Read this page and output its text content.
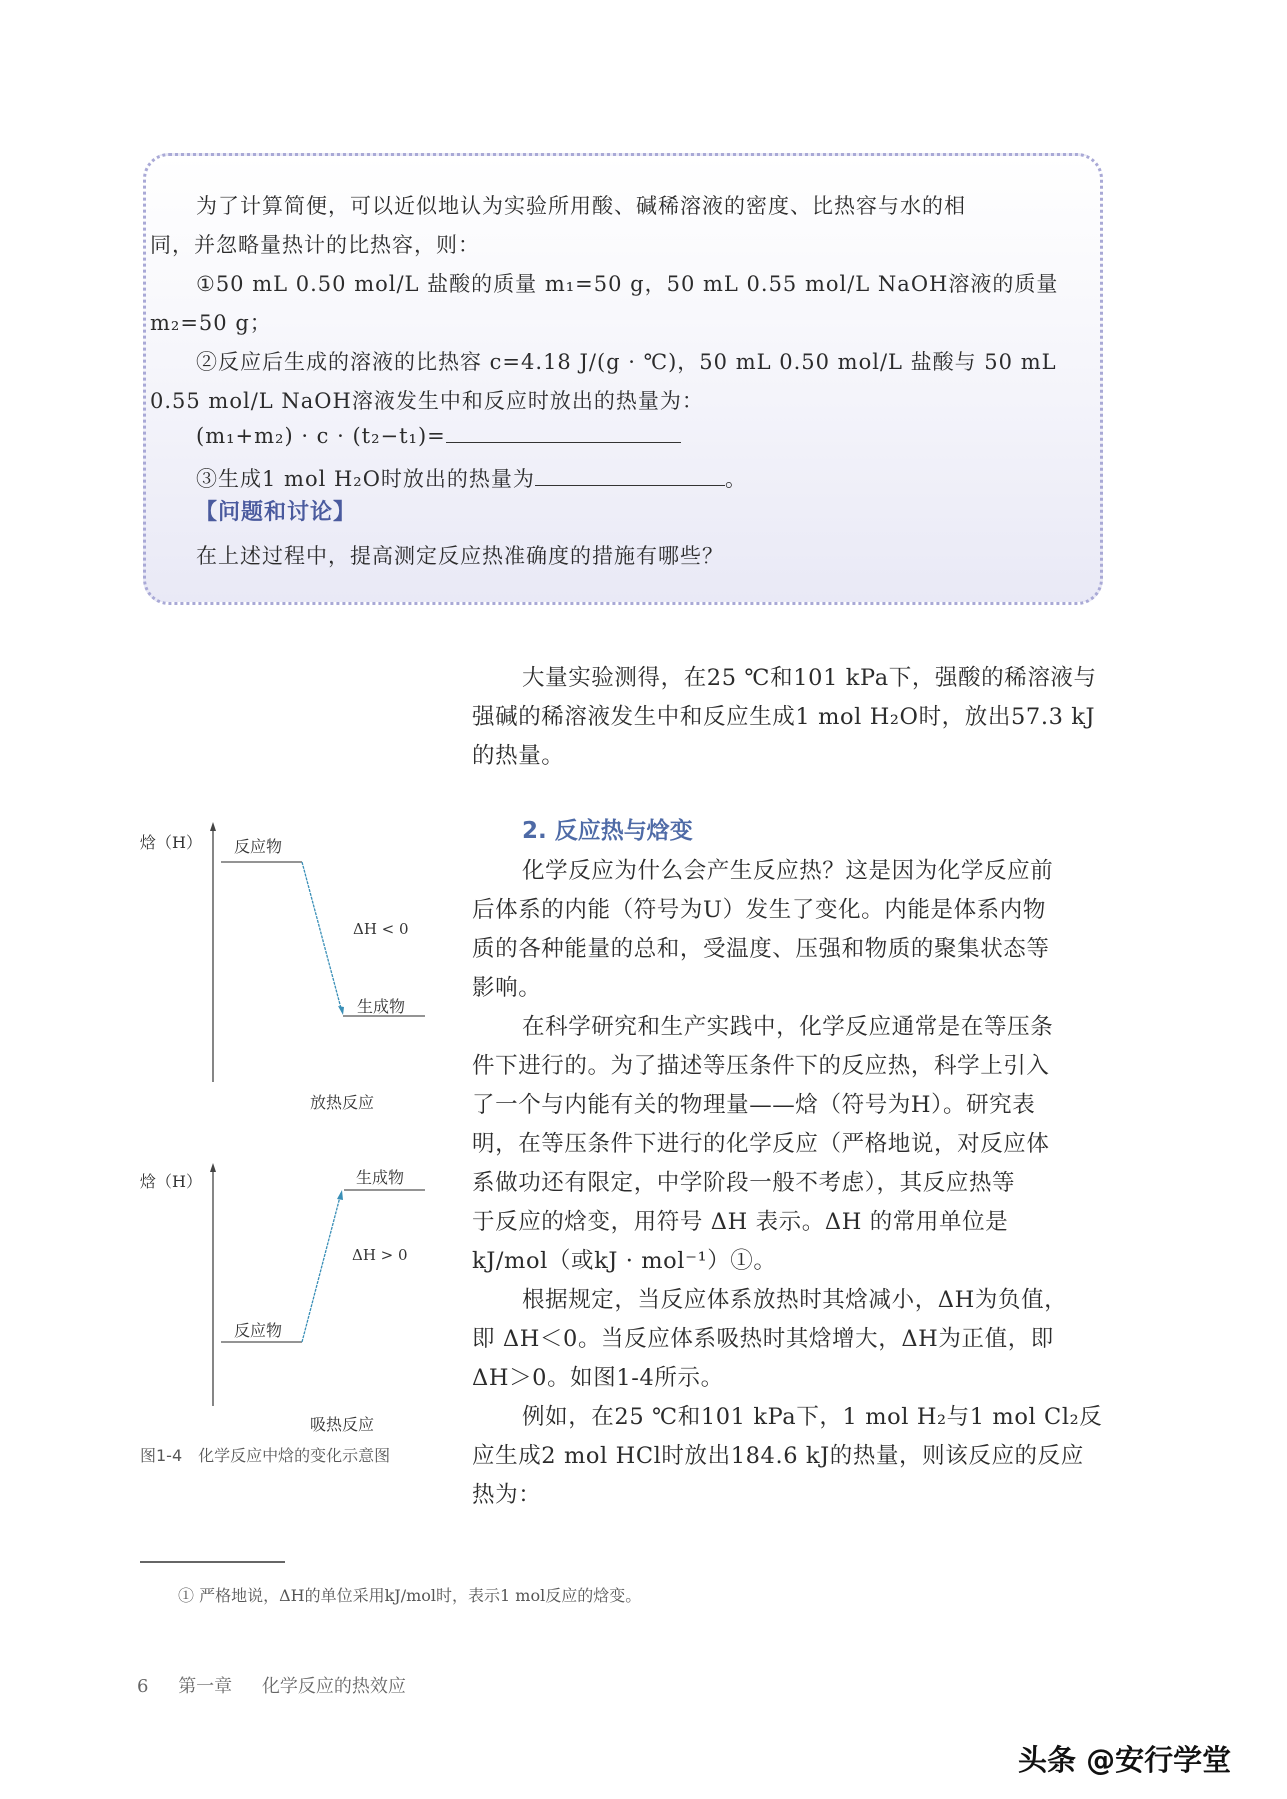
为了计算简便，可以近似地认为实验所用酸、碱稀溶液的密度、比热容与水的相
同，并忽略量热计的比热容，则：
①50 mL 0.50 mol/L 盐酸的质量 m₁=50 g，50 mL 0.55 mol/L NaOH溶液的质量
m₂=50 g；
②反应后生成的溶液的比热容 c=4.18 J/(g · ℃)，50 mL 0.50 mol/L 盐酸与 50 mL
0.55 mol/L NaOH溶液发生中和反应时放出的热量为：
(m₁+m₂) · c · (t₂−t₁)=
③生成1 mol H₂O时放出的热量为	。
【问题和讨论】
在上述过程中，提高测定反应热准确度的措施有哪些？
大量实验测得，在25 ℃和101 kPa下，强酸的稀溶液与
强碱的稀溶液发生中和反应生成1 mol H₂O时，放出57.3 kJ
的热量。
2. 反应热与焓变
化学反应为什么会产生反应热？这是因为化学反应前
后体系的内能（符号为U）发生了变化。内能是体系内物
质的各种能量的总和，受温度、压强和物质的聚集状态等
影响。
在科学研究和生产实践中，化学反应通常是在等压条
件下进行的。为了描述等压条件下的反应热，科学上引入
了一个与内能有关的物理量——焓（符号为H）。研究表
明，在等压条件下进行的化学反应（严格地说，对反应体
系做功还有限定，中学阶段一般不考虑），其反应热等
于反应的焓变，用符号 ΔH 表示。ΔH 的常用单位是
kJ/mol（或kJ · mol⁻¹）①。
根据规定，当反应体系放热时其焓减小，ΔH为负值，
即 ΔH＜0。当反应体系吸热时其焓增大，ΔH为正值，即
ΔH＞0。如图1-4所示。
例如，在25 ℃和101 kPa下，1 mol H₂与1 mol Cl₂反
应生成2 mol HCl时放出184.6 kJ的热量，则该反应的反应
热为：
焓（H） 反应物
ΔH < 0
生成物
放热反应
焓（H）	生成物
ΔH > 0
反应物
吸热反应
图1-4　化学反应中焓的变化示意图
① 严格地说，ΔH的单位采用kJ/mol时，表示1 mol反应的焓变。
6 第一章 化学反应的热效应
头条 @安行学堂
